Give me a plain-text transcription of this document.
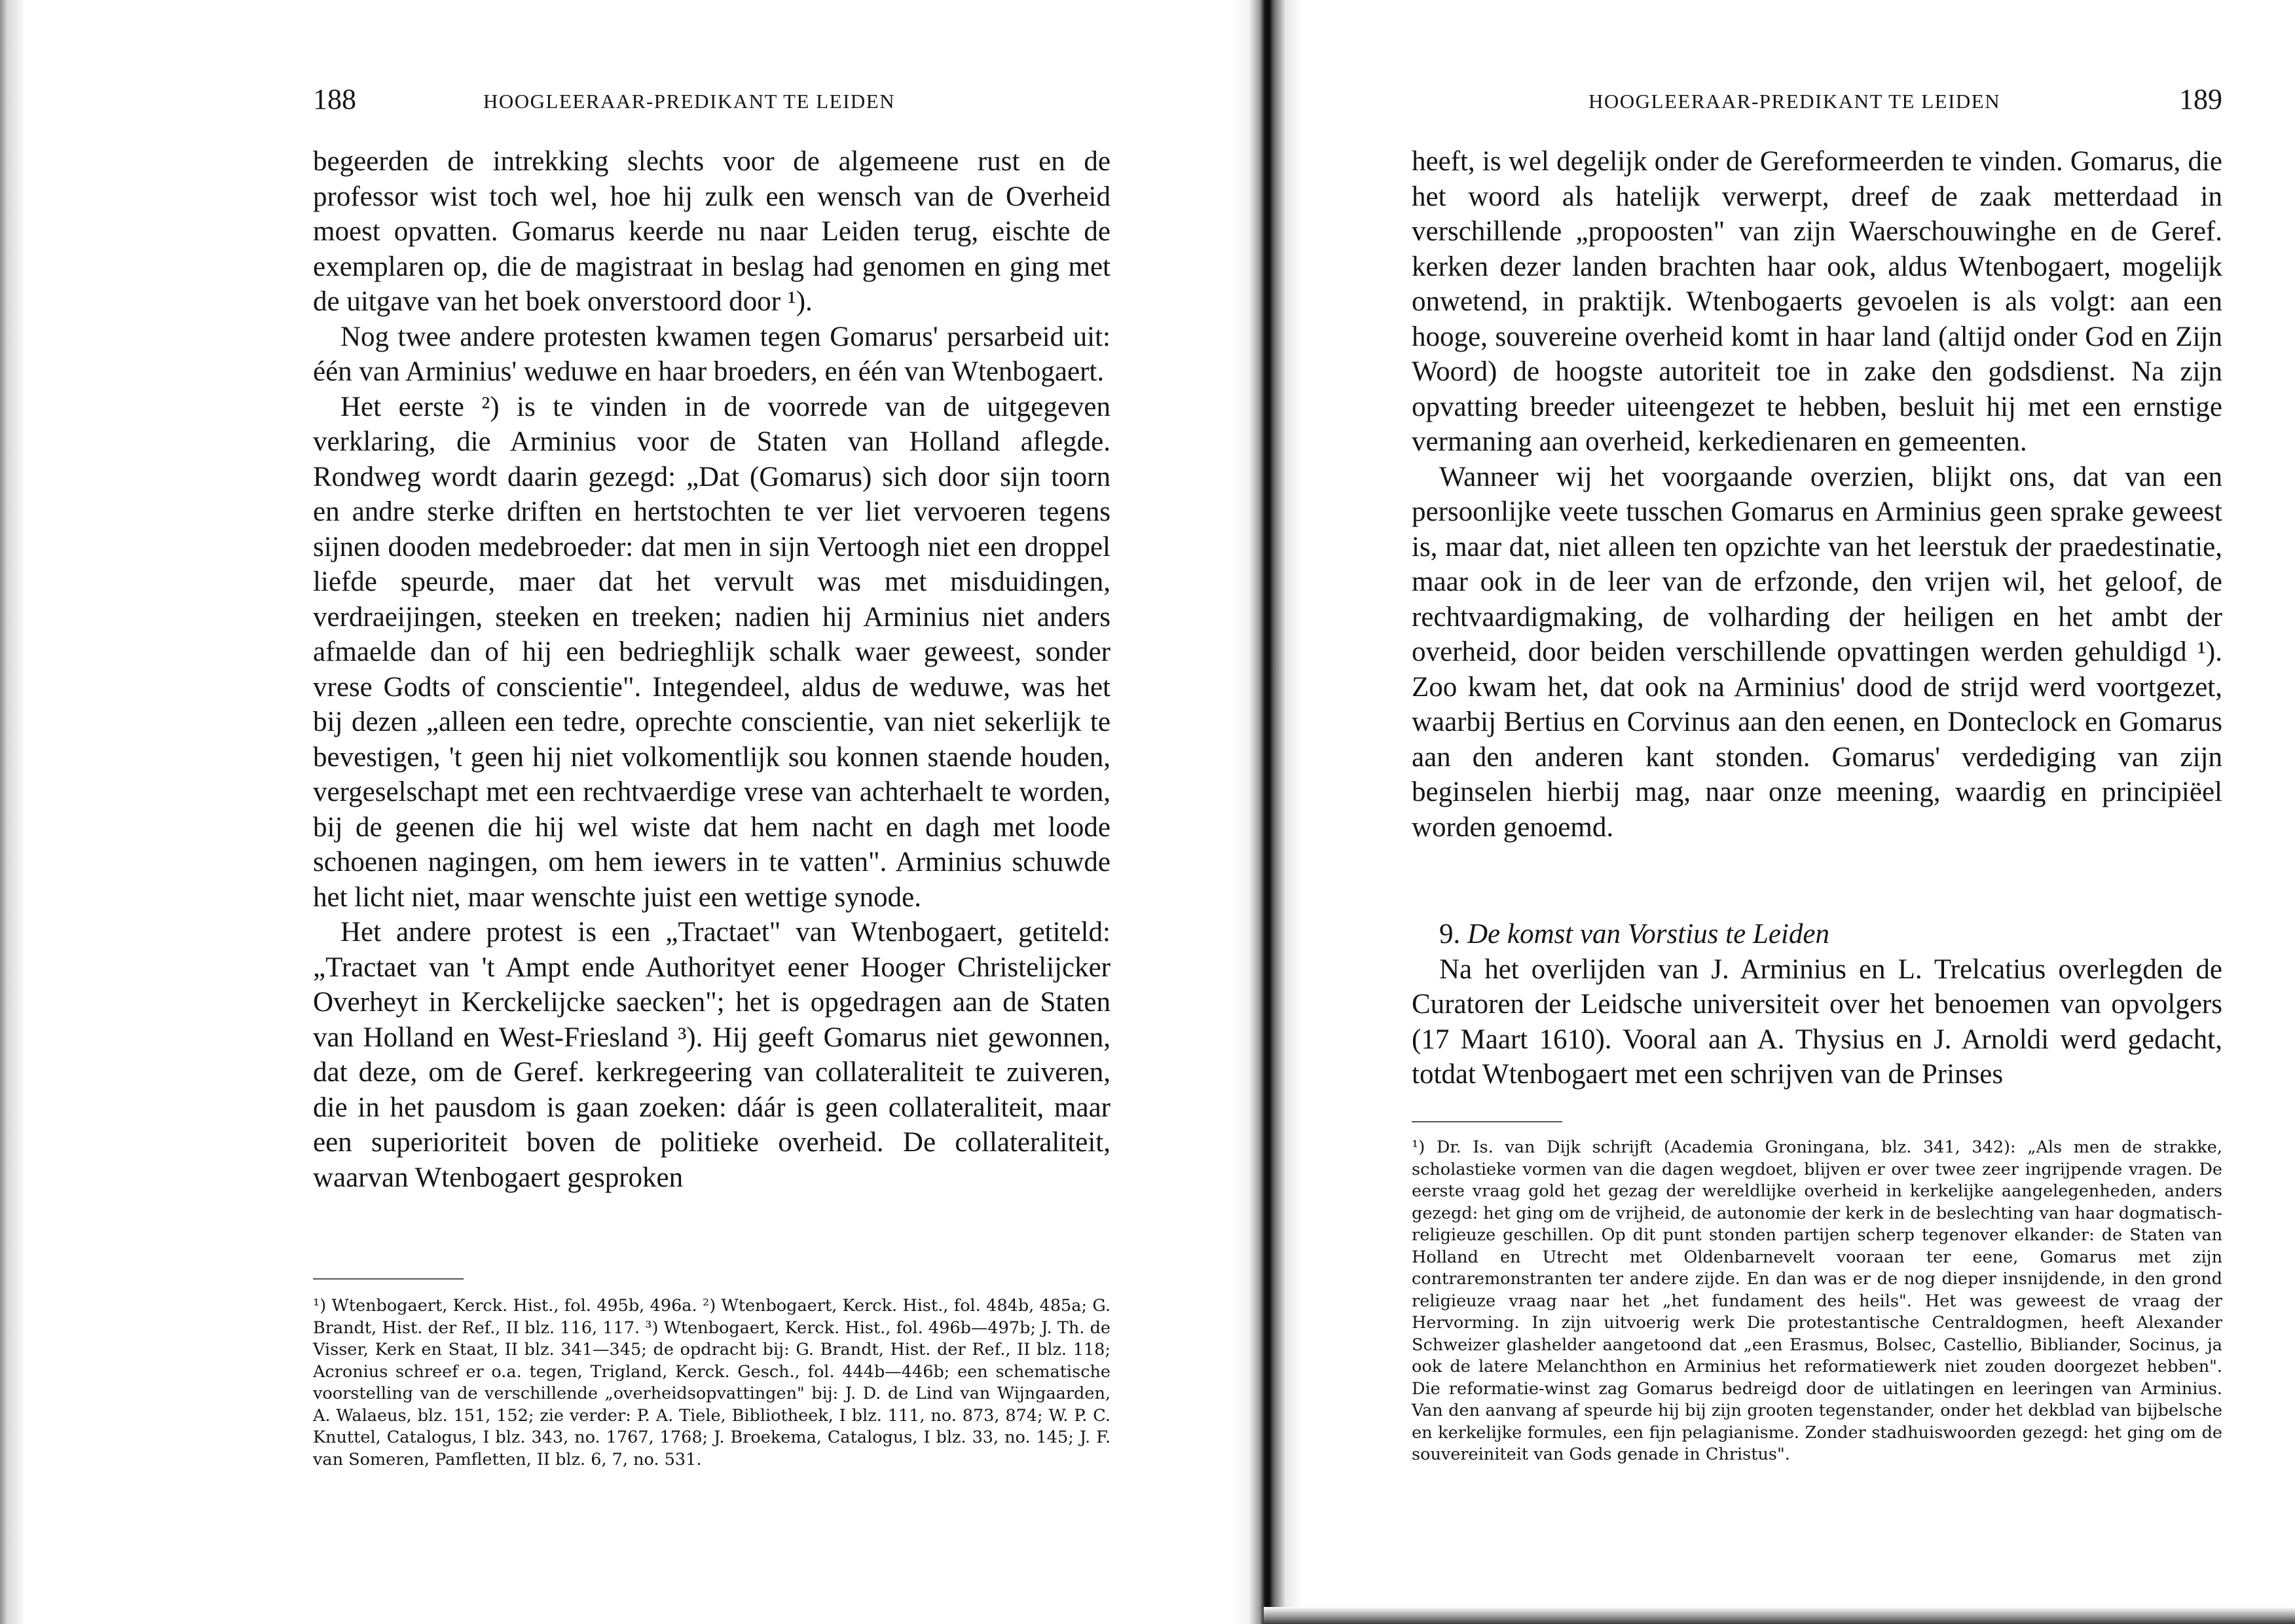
188	HOOGLEERAAR-PREDIKANT TE LEIDEN

begeerden de intrekking slechts voor de algemeene rust en de professor wist toch wel, hoe hij zulk een wensch van de Overheid moest opvatten. Gomarus keerde nu naar Leiden terug, eischte de exemplaren op, die de magistraat in beslag had genomen en ging met de uitgave van het boek onverstoord door ¹).

Nog twee andere protesten kwamen tegen Gomarus' persarbeid uit: één van Arminius' weduwe en haar broeders, en één van Wtenbogaert.

Het eerste ²) is te vinden in de voorrede van de uitgegeven verklaring, die Arminius voor de Staten van Holland aflegde. Rondweg wordt daarin gezegd: „Dat (Gomarus) sich door sijn toorn en andre sterke driften en hertstochten te ver liet vervoeren tegens sijnen dooden medebroeder: dat men in sijn Vertoogh niet een droppel liefde speurde, maer dat het vervult was met misduidingen, verdraeijingen, steeken en treeken; nadien hij Arminius niet anders afmaelde dan of hij een bedrieghlijk schalk waer geweest, sonder vrese Godts of conscientie". Integendeel, aldus de weduwe, was het bij dezen „alleen een tedre, oprechte conscientie, van niet sekerlijk te bevestigen, 't geen hij niet volkomentlijk sou konnen staende houden, vergeselschapt met een rechtvaerdige vrese van achterhaelt te worden, bij de geenen die hij wel wiste dat hem nacht en dagh met loode schoenen nagingen, om hem iewers in te vatten". Arminius schuwde het licht niet, maar wenschte juist een wettige synode.

Het andere protest is een „Tractaet" van Wtenbogaert, getiteld: „Tractaet van 't Ampt ende Authorityet eener Hooger Christelijcker Overheyt in Kerckelijcke saecken"; het is opgedragen aan de Staten van Holland en West-Friesland ³). Hij geeft Gomarus niet gewonnen, dat deze, om de Geref. kerkregeering van collateraliteit te zuiveren, die in het pausdom is gaan zoeken: dáár is geen collateraliteit, maar een superioriteit boven de politieke overheid. De collateraliteit, waarvan Wtenbogaert gesproken

¹) Wtenbogaert, Kerck. Hist., fol. 495b, 496a. ²) Wtenbogaert, Kerck. Hist., fol. 484b, 485a; G. Brandt, Hist. der Ref., II blz. 116, 117. ³) Wtenbogaert, Kerck. Hist., fol. 496b—497b; J. Th. de Visser, Kerk en Staat, II blz. 341—345; de opdracht bij: G. Brandt, Hist. der Ref., II blz. 118; Acronius schreef er o.a. tegen, Trigland, Kerck. Gesch., fol. 444b—446b; een schematische voorstelling van de verschillende „overheidsopvattingen" bij: J. D. de Lind van Wijngaarden, A. Walaeus, blz. 151, 152; zie verder: P. A. Tiele, Bibliotheek, I blz. 111, no. 873, 874; W. P. C. Knuttel, Catalogus, I blz. 343, no. 1767, 1768; J. Broekema, Catalogus, I blz. 33, no. 145; J. F. van Someren, Pamfletten, II blz. 6, 7, no. 531.

HOOGLEERAAR-PREDIKANT TE LEIDEN	189

heeft, is wel degelijk onder de Gereformeerden te vinden. Gomarus, die het woord als hatelijk verwerpt, dreef de zaak metterdaad in verschillende „propoosten" van zijn Waerschouwinghe en de Geref. kerken dezer landen brachten haar ook, aldus Wtenbogaert, mogelijk onwetend, in praktijk. Wtenbogaerts gevoelen is als volgt: aan een hooge, souvereine overheid komt in haar land (altijd onder God en Zijn Woord) de hoogste autoriteit toe in zake den godsdienst. Na zijn opvatting breeder uiteengezet te hebben, besluit hij met een ernstige vermaning aan overheid, kerkedienaren en gemeenten.

Wanneer wij het voorgaande overzien, blijkt ons, dat van een persoonlijke veete tusschen Gomarus en Arminius geen sprake geweest is, maar dat, niet alleen ten opzichte van het leerstuk der praedestinatie, maar ook in de leer van de erfzonde, den vrijen wil, het geloof, de rechtvaardigmaking, de volharding der heiligen en het ambt der overheid, door beiden verschillende opvattingen werden gehuldigd ¹). Zoo kwam het, dat ook na Arminius' dood de strijd werd voortgezet, waarbij Bertius en Corvinus aan den eenen, en Donteclock en Gomarus aan den anderen kant stonden. Gomarus' verdediging van zijn beginselen hierbij mag, naar onze meening, waardig en principiëel worden genoemd.

9. De komst van Vorstius te Leiden

Na het overlijden van J. Arminius en L. Trelcatius overlegden de Curatoren der Leidsche universiteit over het benoemen van opvolgers (17 Maart 1610). Vooral aan A. Thysius en J. Arnoldi werd gedacht, totdat Wtenbogaert met een schrijven van de Prinses

¹) Dr. Is. van Dijk schrijft (Academia Groningana, blz. 341, 342): „Als men de strakke, scholastieke vormen van die dagen wegdoet, blijven er over twee zeer ingrijpende vragen. De eerste vraag gold het gezag der wereldlijke overheid in kerkelijke aangelegenheden, anders gezegd: het ging om de vrijheid, de autonomie der kerk in de beslechting van haar dogmatisch-religieuze geschillen. Op dit punt stonden partijen scherp tegenover elkander: de Staten van Holland en Utrecht met Oldenbarnevelt vooraan ter eene, Gomarus met zijn contraremonstranten ter andere zijde. En dan was er de nog dieper insnijdende, in den grond religieuze vraag naar het „het fundament des heils". Het was geweest de vraag der Hervorming. In zijn uitvoerig werk Die protestantische Centraldogmen, heeft Alexander Schweizer glashelder aangetoond dat „een Erasmus, Bolsec, Castellio, Bibliander, Socinus, ja ook de latere Melanchthon en Arminius het reformatiewerk niet zouden doorgezet hebben". Die reformatie-winst zag Gomarus bedreigd door de uitlatingen en leeringen van Arminius. Van den aanvang af speurde hij bij zijn grooten tegenstander, onder het dekblad van bijbelsche en kerkelijke formules, een fijn pelagianisme. Zonder stadhuiswoorden gezegd: het ging om de souvereiniteit van Gods genade in Christus".
